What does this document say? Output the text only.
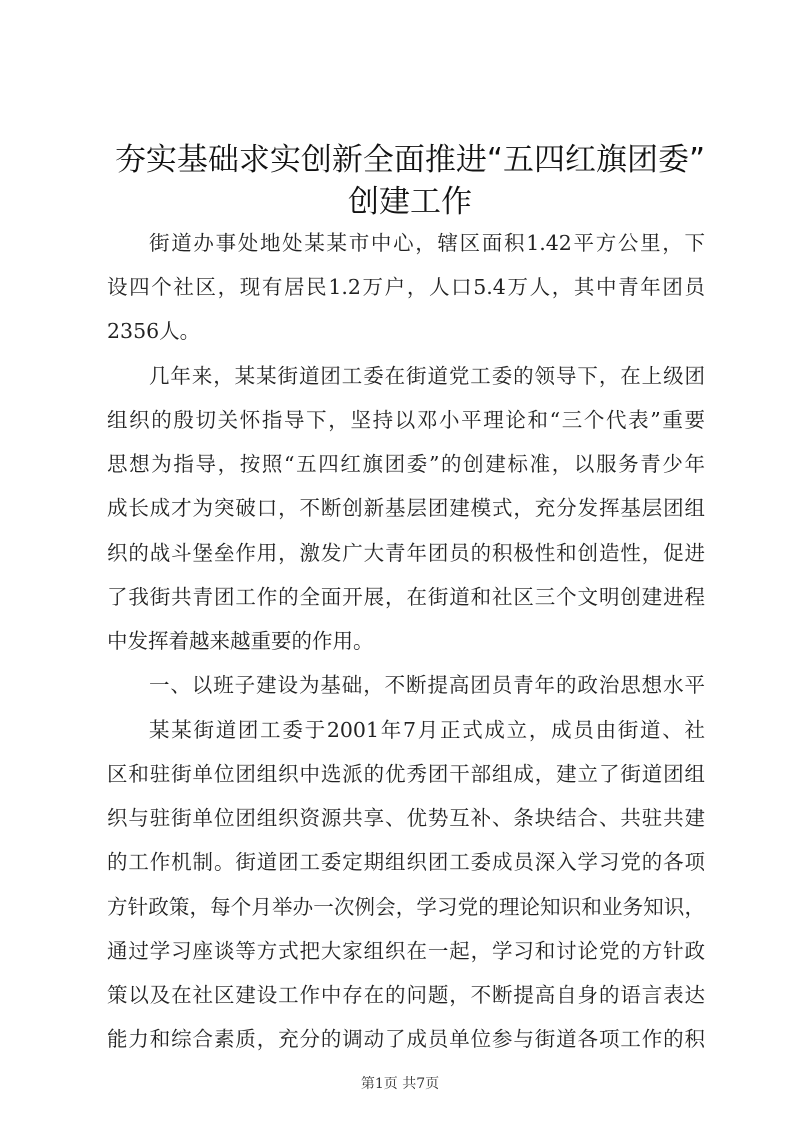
夯实基础求实创新全面推进“五四红旗团委”
创建工作
街道办事处地处某某市中心，辖区面积1.42平方公里，下
设四个社区，现有居民1.2万户，人口5.4万人，其中青年团员
2356人。
几年来，某某街道团工委在街道党工委的领导下，在上级团
组织的殷切关怀指导下，坚持以邓小平理论和“三个代表”重要
思想为指导，按照“五四红旗团委”的创建标准，以服务青少年
成长成才为突破口，不断创新基层团建模式，充分发挥基层团组
织的战斗堡垒作用，激发广大青年团员的积极性和创造性，促进
了我街共青团工作的全面开展，在街道和社区三个文明创建进程
中发挥着越来越重要的作用。
一、以班子建设为基础，不断提高团员青年的政治思想水平
某某街道团工委于2001年7月正式成立，成员由街道、社
区和驻街单位团组织中选派的优秀团干部组成，建立了街道团组
织与驻街单位团组织资源共享、优势互补、条块结合、共驻共建
的工作机制。街道团工委定期组织团工委成员深入学习党的各项
方针政策，每个月举办一次例会，学习党的理论知识和业务知识，
通过学习座谈等方式把大家组织在一起，学习和讨论党的方针政
策以及在社区建设工作中存在的问题，不断提高自身的语言表达
第1页 共7页
能力和综合素质，充分的调动了成员单位参与街道各项工作的积
